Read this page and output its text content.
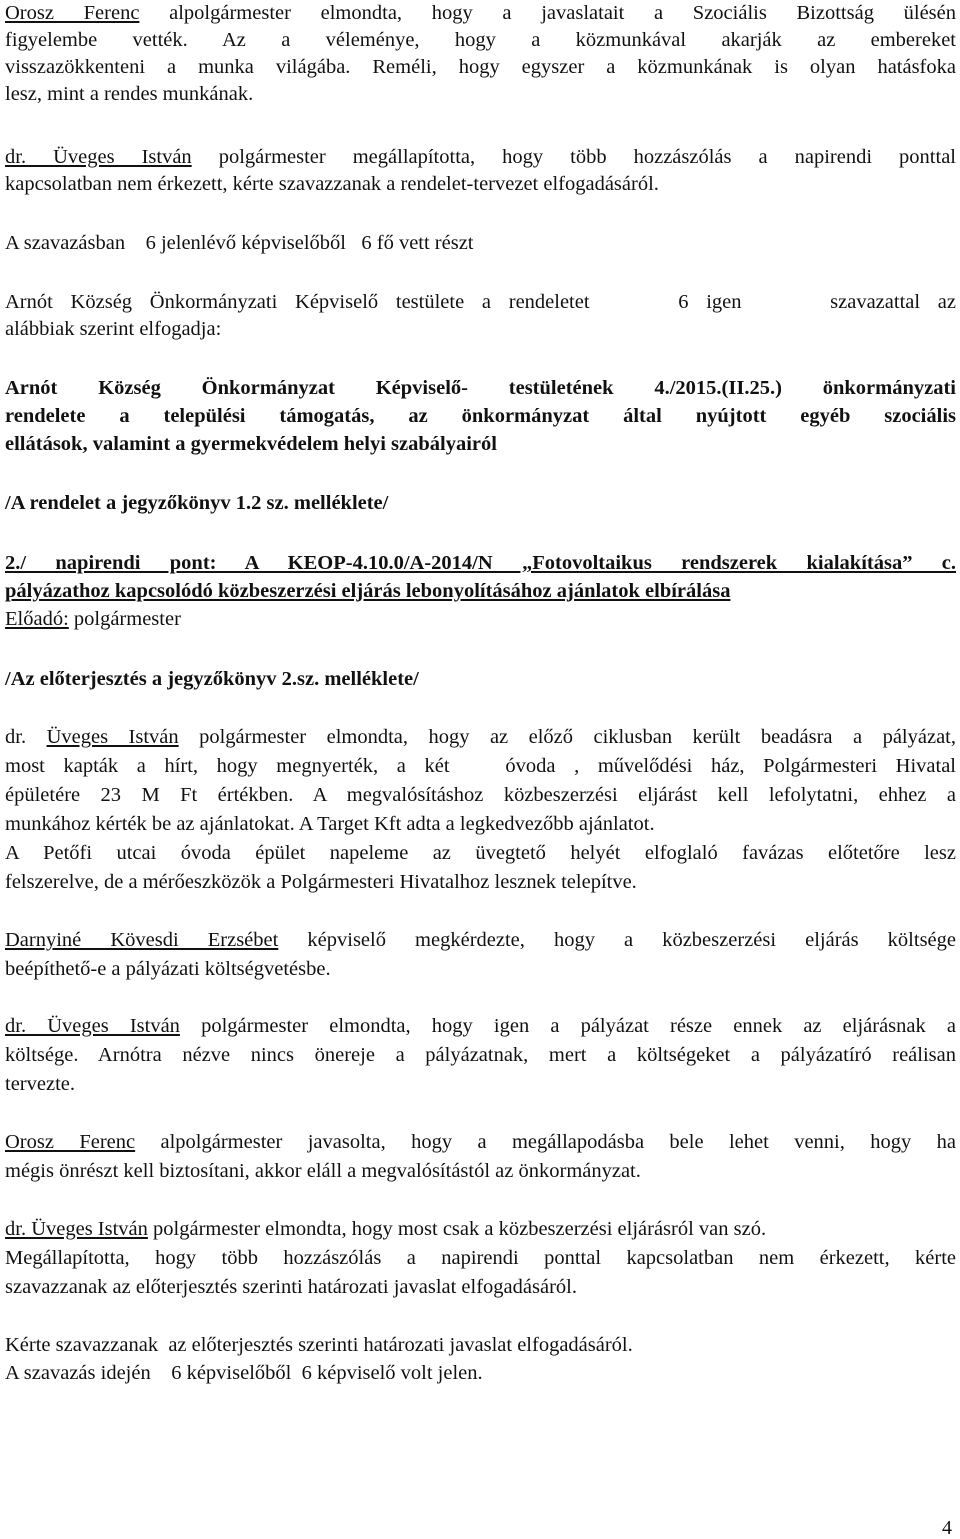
Orosz Ferenc alpolgármester elmondta, hogy a javaslatait a Szociális Bizottság ülésén
figyelembe vették. Az a véleménye, hogy a közmunkával akarják az embereket
visszazökkenteni a munka világába. Reméli, hogy egyszer a közmunkának is olyan hatásfoka
lesz, mint a rendes munkának.
dr. Üveges István polgármester megállapította, hogy több hozzászólás a napirendi ponttal
kapcsolatban nem érkezett, kérte szavazzanak a rendelet-tervezet elfogadásáról.
A szavazásban    6 jelenlévő képviselőből   6 fő vett részt
Arnót Község Önkormányzati Képviselő testülete a rendeletet     6 igen     szavazattal az
alábbiak szerint elfogadja:
Arnót Község Önkormányzat Képviselő- testületének 4./2015.(II.25.) önkormányzati
rendelete a települési támogatás, az önkormányzat által nyújtott egyéb szociális
ellátások, valamint a gyermekvédelem helyi szabályairól
/A rendelet a jegyzőkönyv 1.2 sz. melléklete/
2./ napirendi pont: A KEOP-4.10.0/A-2014/N „Fotovoltaikus rendszerek kialakítása” c.
pályázathoz kapcsolódó közbeszerzési eljárás lebonyolításához ajánlatok elbírálása
Előadó: polgármester
/Az előterjesztés a jegyzőkönyv 2.sz. melléklete/
dr. Üveges István polgármester elmondta, hogy az előző ciklusban került beadásra a pályázat,
most kapták a hírt, hogy megnyerték, a két   óvoda , művelődési ház, Polgármesteri Hivatal
épületére 23 M Ft értékben. A megvalósításhoz közbeszerzési eljárást kell lefolytatni, ehhez a
munkához kérték be az ajánlatokat. A Target Kft adta a legkedvezőbb ajánlatot.
A Petőfi utcai óvoda épület napeleme az üvegtető helyét elfoglaló favázas előtetőre lesz
felszerelve, de a mérőeszközök a Polgármesteri Hivatalhoz lesznek telepítve.
Darnyiné Kövesdi Erzsébet képviselő megkérdezte, hogy a közbeszerzési eljárás költsége
beépíthető-e a pályázati költségvetésbe.
dr. Üveges István polgármester elmondta, hogy igen a pályázat része ennek az eljárásnak a
költsége. Arnótra nézve nincs önereje a pályázatnak, mert a költségeket a pályázatíró reálisan
tervezte.
Orosz Ferenc alpolgármester javasolta, hogy a megállapodásba bele lehet venni, hogy ha
mégis önrészt kell biztosítani, akkor eláll a megvalósítástól az önkormányzat.
dr. Üveges István polgármester elmondta, hogy most csak a közbeszerzési eljárásról van szó.
Megállapította, hogy több hozzászólás a napirendi ponttal kapcsolatban nem érkezett, kérte
szavazzanak az előterjesztés szerinti határozati javaslat elfogadásáról.
Kérte szavazzanak  az előterjesztés szerinti határozati javaslat elfogadásáról.
A szavazás idején    6 képviselőből  6 képviselő volt jelen.
4
